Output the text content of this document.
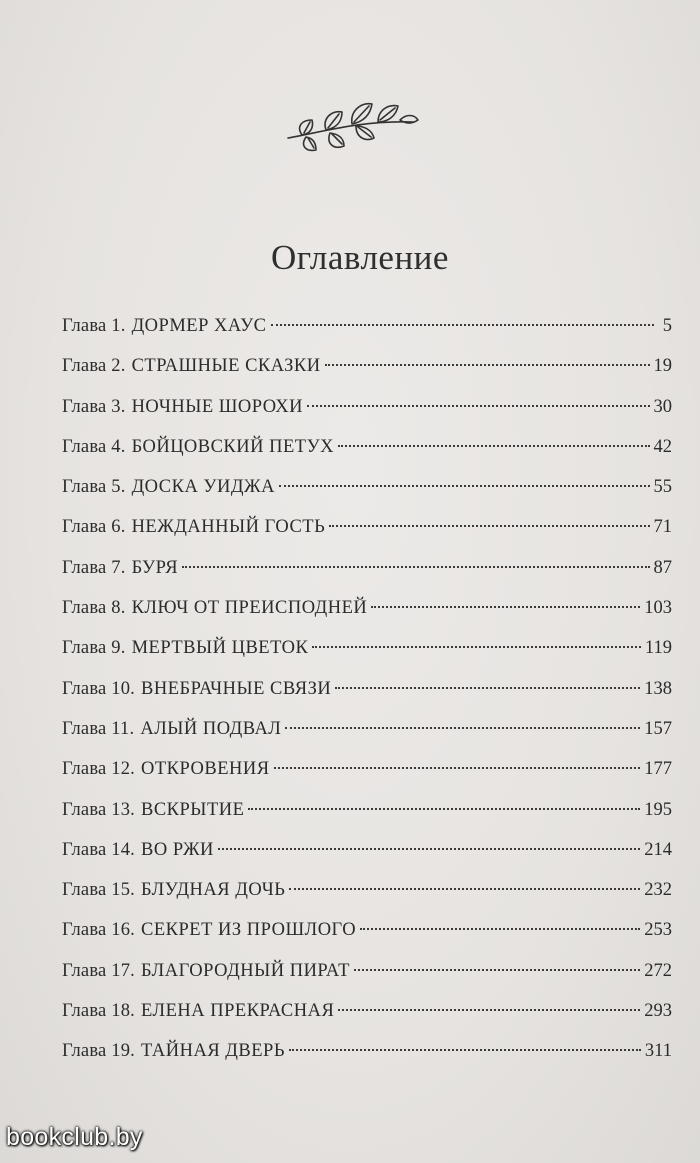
Оглавление
Глава 1. ДОРМЕР ХАУС	5
Глава 2. СТРАШНЫЕ СКАЗКИ	19
Глава 3. НОЧНЫЕ ШОРОХИ	30
Глава 4. БОЙЦОВСКИЙ ПЕТУХ	42
Глава 5. ДОСКА УИДЖА	55
Глава 6. НЕЖДАННЫЙ ГОСТЬ	71
Глава 7. БУРЯ	87
Глава 8. КЛЮЧ ОТ ПРЕИСПОДНЕЙ	103
Глава 9. МЕРТВЫЙ ЦВЕТОК	119
Глава 10. ВНЕБРАЧНЫЕ СВЯЗИ	138
Глава 11. АЛЫЙ ПОДВАЛ	157
Глава 12. ОТКРОВЕНИЯ	177
Глава 13. ВСКРЫТИЕ	195
Глава 14. ВО РЖИ	214
Глава 15. БЛУДНАЯ ДОЧЬ	232
Глава 16. СЕКРЕТ ИЗ ПРОШЛОГО	253
Глава 17. БЛАГОРОДНЫЙ ПИРАТ	272
Глава 18. ЕЛЕНА ПРЕКРАСНАЯ	293
Глава 19. ТАЙНАЯ ДВЕРЬ	311
bookclub.by
